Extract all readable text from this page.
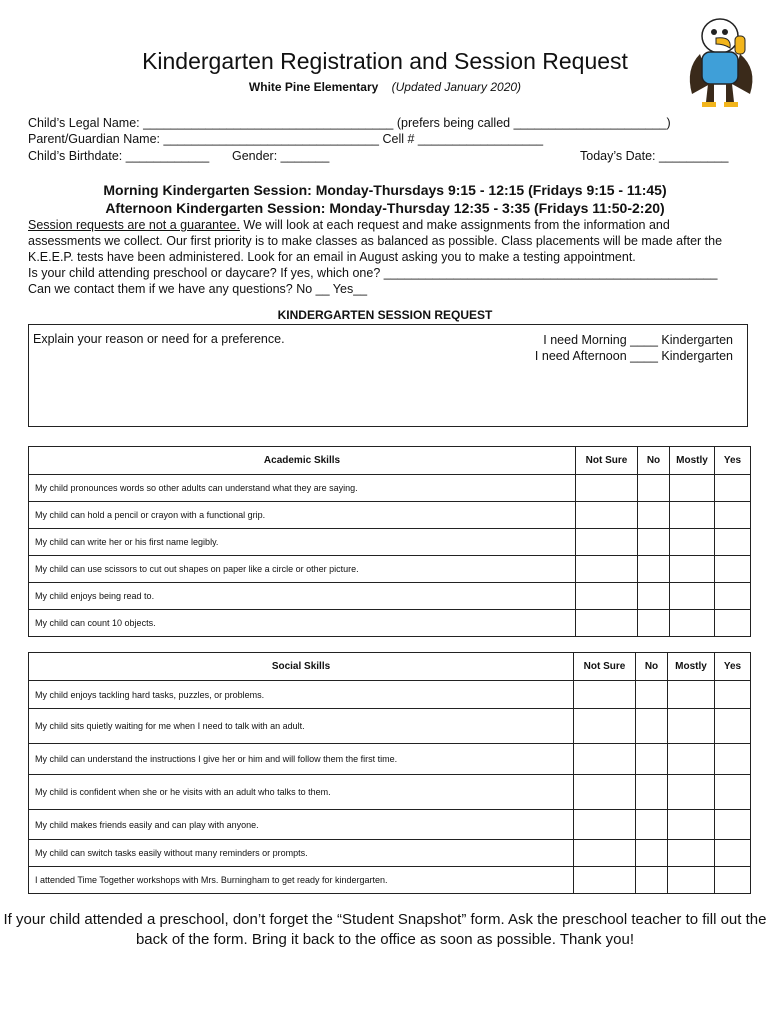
Kindergarten Registration and Session Request
White Pine Elementary (Updated January 2020)
Child’s Legal Name: ____________________________________ (prefers being called ______________________)
Parent/Guardian Name: _______________________________ Cell # __________________
Child’s Birthdate: ____________ Gender: _______	Today’s Date: __________
Morning Kindergarten Session: Monday-Thursdays 9:15 - 12:15 (Fridays 9:15 - 11:45)
Afternoon Kindergarten Session: Monday-Thursday 12:35 - 3:35 (Fridays 11:50-2:20)
Session requests are not a guarantee. We will look at each request and make assignments from the information and
assessments we collect. Our first priority is to make classes as balanced as possible. Class placements will be made after the
K.E.E.P. tests have been administered. Look for an email in August asking you to make a testing appointment.
Is your child attending preschool or daycare? If yes, which one? ________________________________________________
Can we contact them if we have any questions? No __ Yes__
KINDERGARTEN SESSION REQUEST
Explain your reason or need for a preference.	I need Morning ____ Kindergarten
I need Afternoon ____ Kindergarten
Academic Skills	Not Sure	No	Mostly	Yes
My child pronounces words so other adults can understand what they are saying.				
My child can hold a pencil or crayon with a functional grip.				
My child can write her or his first name legibly.				
My child can use scissors to cut out shapes on paper like a circle or other picture.				
My child enjoys being read to.				
My child can count 10 objects.				
Social Skills	Not Sure	No	Mostly	Yes
My child enjoys tackling hard tasks, puzzles, or problems.				
My child sits quietly waiting for me when I need to talk with an adult.				
My child can understand the instructions I give her or him and will follow them the first time.				
My child is confident when she or he visits with an adult who talks to them.				
My child makes friends easily and can play with anyone.				
My child can switch tasks easily without many reminders or prompts.				
I attended Time Together workshops with Mrs. Burningham to get ready for kindergarten.				
If your child attended a preschool, don’t forget the “Student Snapshot” form. Ask the preschool teacher to fill out the back of the form. Bring it back to the office as soon as possible. Thank you!
